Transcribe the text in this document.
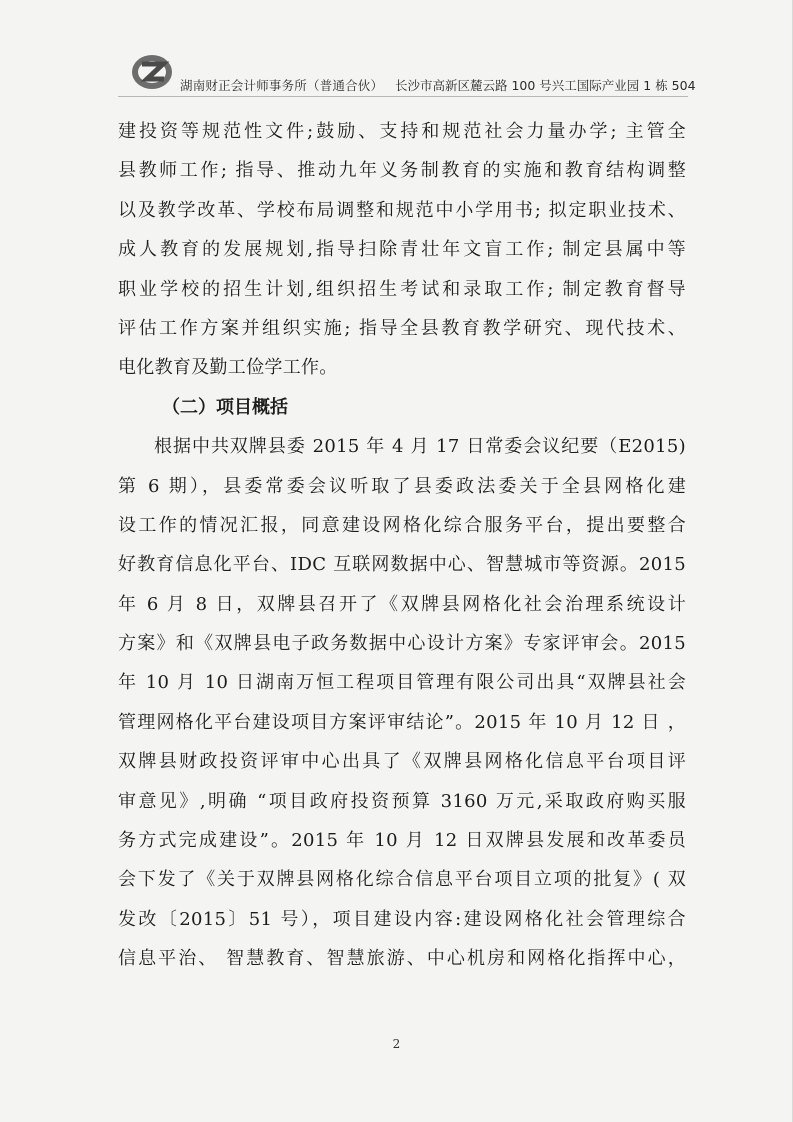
湖南财正会计师事务所（普通合伙） 长沙市高新区麓云路 100 号兴工国际产业园 1 栋 504
建投资等规范性文件;鼓励、支持和规范社会力量办学; 主管全
县教师工作; 指导、推动九年义务制教育的实施和教育结构调整
以及教学改革、学校布局调整和规范中小学用书; 拟定职业技术、
成人教育的发展规划,指导扫除青壮年文盲工作; 制定县属中等
职业学校的招生计划,组织招生考试和录取工作; 制定教育督导
评估工作方案并组织实施; 指导全县教育教学研究、现代技术、
电化教育及勤工俭学工作。
（二）项目概括
根据中共双牌县委 2015 年 4 月 17 日常委会议纪要（E2015)
第 6 期），县委常委会议听取了县委政法委关于全县网格化建
设工作的情况汇报，同意建设网格化综合服务平台，提出要整合
好教育信息化平台、IDC 互联网数据中心、智慧城市等资源。2015
年 6 月 8 日，双牌县召开了《双牌县网格化社会治理系统设计
方案》和《双牌县电子政务数据中心设计方案》专家评审会。2015
年 10 月 10 日湖南万恒工程项目管理有限公司出具“双牌县社会
管理网格化平台建设项目方案评审结论”。2015 年 10 月 12 日 ，
双牌县财政投资评审中心出具了《双牌县网格化信息平台项目评
审意见》,明确 “项目政府投资预算 3160 万元,采取政府购买服
务方式完成建设”。2015 年 10 月 12 日双牌县发展和改革委员
会下发了《关于双牌县网格化综合信息平台项目立项的批复》( 双
发改〔2015〕51 号），项目建设内容:建设网格化社会管理综合
信息平治、 智慧教育、智慧旅游、中心机房和网格化指挥中心，
2
